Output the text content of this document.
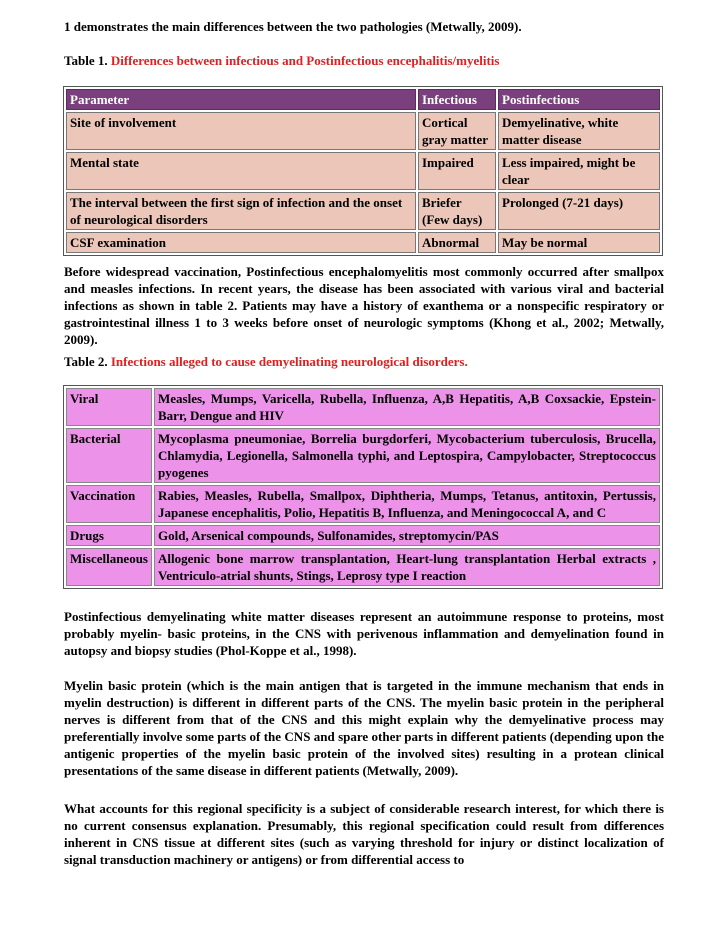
1 demonstrates the main differences between the two pathologies (Metwally, 2009).

Table 1. Differences between infectious and Postinfectious encephalitis/myelitis

Parameter	Infectious	Postinfectious
Site of involvement	Cortical gray matter	Demyelinative, white matter disease
Mental state	Impaired	Less impaired, might be clear
The interval between the first sign of infection and the onset of neurological disorders	Briefer (Few days)	Prolonged (7-21 days)
CSF examination	Abnormal	May be normal

Before widespread vaccination, Postinfectious encephalomyelitis most commonly occurred after smallpox and measles infections. In recent years, the disease has been associated with various viral and bacterial infections as shown in table 2. Patients may have a history of exanthema or a nonspecific respiratory or gastrointestinal illness 1 to 3 weeks before onset of neurologic symptoms (Khong et al., 2002; Metwally, 2009).

Table 2. Infections alleged to cause demyelinating neurological disorders.

Viral	Measles, Mumps, Varicella, Rubella, Influenza, A,B Hepatitis, A,B Coxsackie, Epstein-Barr, Dengue and HIV
Bacterial	Mycoplasma pneumoniae, Borrelia burgdorferi, Mycobacterium tuberculosis, Brucella, Chlamydia, Legionella, Salmonella typhi, and Leptospira, Campylobacter, Streptococcus pyogenes
Vaccination	Rabies, Measles, Rubella, Smallpox, Diphtheria, Mumps, Tetanus, antitoxin, Pertussis, Japanese encephalitis, Polio, Hepatitis B, Influenza, and Meningococcal A, and C
Drugs	Gold, Arsenical compounds, Sulfonamides, streptomycin/PAS
Miscellaneous	Allogenic bone marrow transplantation, Heart-lung transplantation Herbal extracts , Ventriculo-atrial shunts, Stings, Leprosy type I reaction

Postinfectious demyelinating white matter diseases represent an autoimmune response to proteins, most probably myelin- basic proteins, in the CNS with perivenous inflammation and demyelination found in autopsy and biopsy studies (Phol-Koppe et al., 1998).

Myelin basic protein (which is the main antigen that is targeted in the immune mechanism that ends in myelin destruction) is different in different parts of the CNS. The myelin basic protein in the peripheral nerves is different from that of the CNS and this might explain why the demyelinative process may preferentially involve some parts of the CNS and spare other parts in different patients (depending upon the antigenic properties of the myelin basic protein of the involved sites) resulting in a protean clinical presentations of the same disease in different patients (Metwally, 2009).

What accounts for this regional specificity is a subject of considerable research interest, for which there is no current consensus explanation. Presumably, this regional specification could result from differences inherent in CNS tissue at different sites (such as varying threshold for injury or distinct localization of signal transduction machinery or antigens) or from differential access to
